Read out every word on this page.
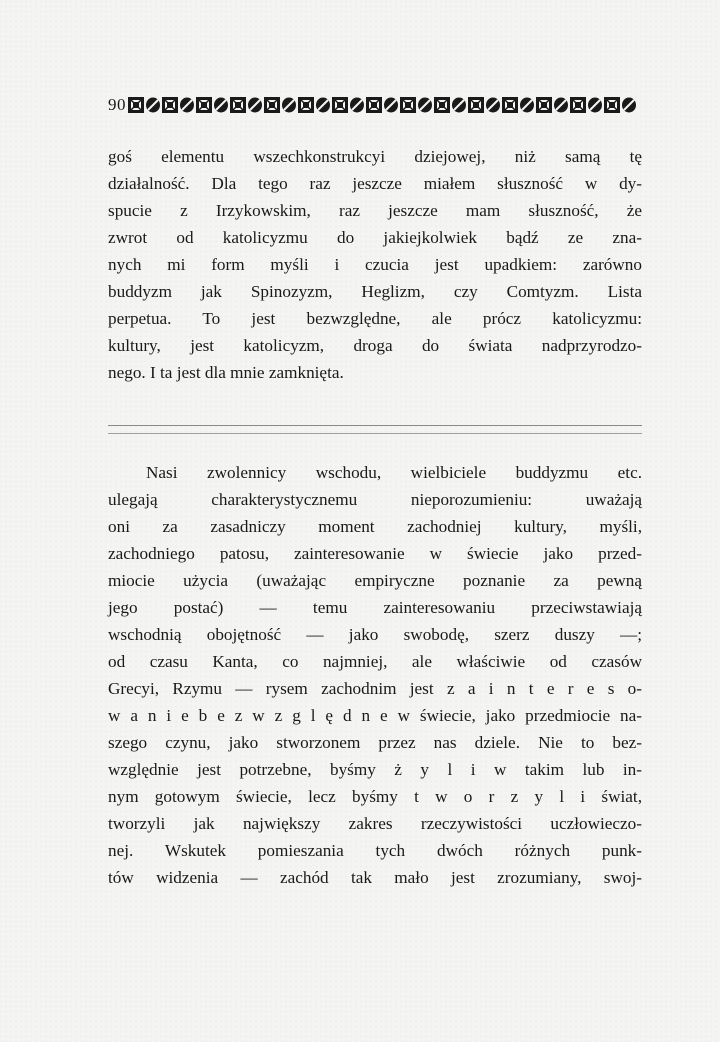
90
goś elementu wszechkonstrukcyi dziejowej, niż samą tę
działalność. Dla tego raz jeszcze miałem słuszność w dy-
spucie z Irzykowskim, raz jeszcze mam słuszność, że
zwrot od katolicyzmu do jakiejkolwiek bądź ze zna-
nych mi form myśli i czucia jest upadkiem: zarówno
buddyzm jak Spinozyzm, Heglizm, czy Comtyzm. Lista
perpetua. To jest bezwzględne, ale prócz katolicyzmu:
kultury, jest katolicyzm, droga do świata nadprzyrodzo-
nego. I ta jest dla mnie zamknięta.
Nasi zwolennicy wschodu, wielbiciele buddyzmu etc.
ulegają charakterystycznemu nieporozumieniu: uważają
oni za zasadniczy moment zachodniej kultury, myśli,
zachodniego patosu, zainteresowanie w świecie jako przed-
miocie użycia (uważając empiryczne poznanie za pewną
jego postać) — temu zainteresowaniu przeciwstawiają
wschodnią obojętność — jako swobodę, szerz duszy —;
od czasu Kanta, co najmniej, ale właściwie od czasów
Grecyi, Rzymu — rysem zachodnim jest z a i n t e r e s o-
w a n i e b e z w z g l ę d n e w świecie, jako przedmiocie na-
szego czynu, jako stworzonem przez nas dziele. Nie to bez-
względnie jest potrzebne, byśmy ż y l i w takim lub in-
nym gotowym świecie, lecz byśmy t w o r z y l i świat,
tworzyli jak największy zakres rzeczywistości uczłowieczo-
nej. Wskutek pomieszania tych dwóch różnych punk-
tów widzenia — zachód tak mało jest zrozumiany, swoj-
